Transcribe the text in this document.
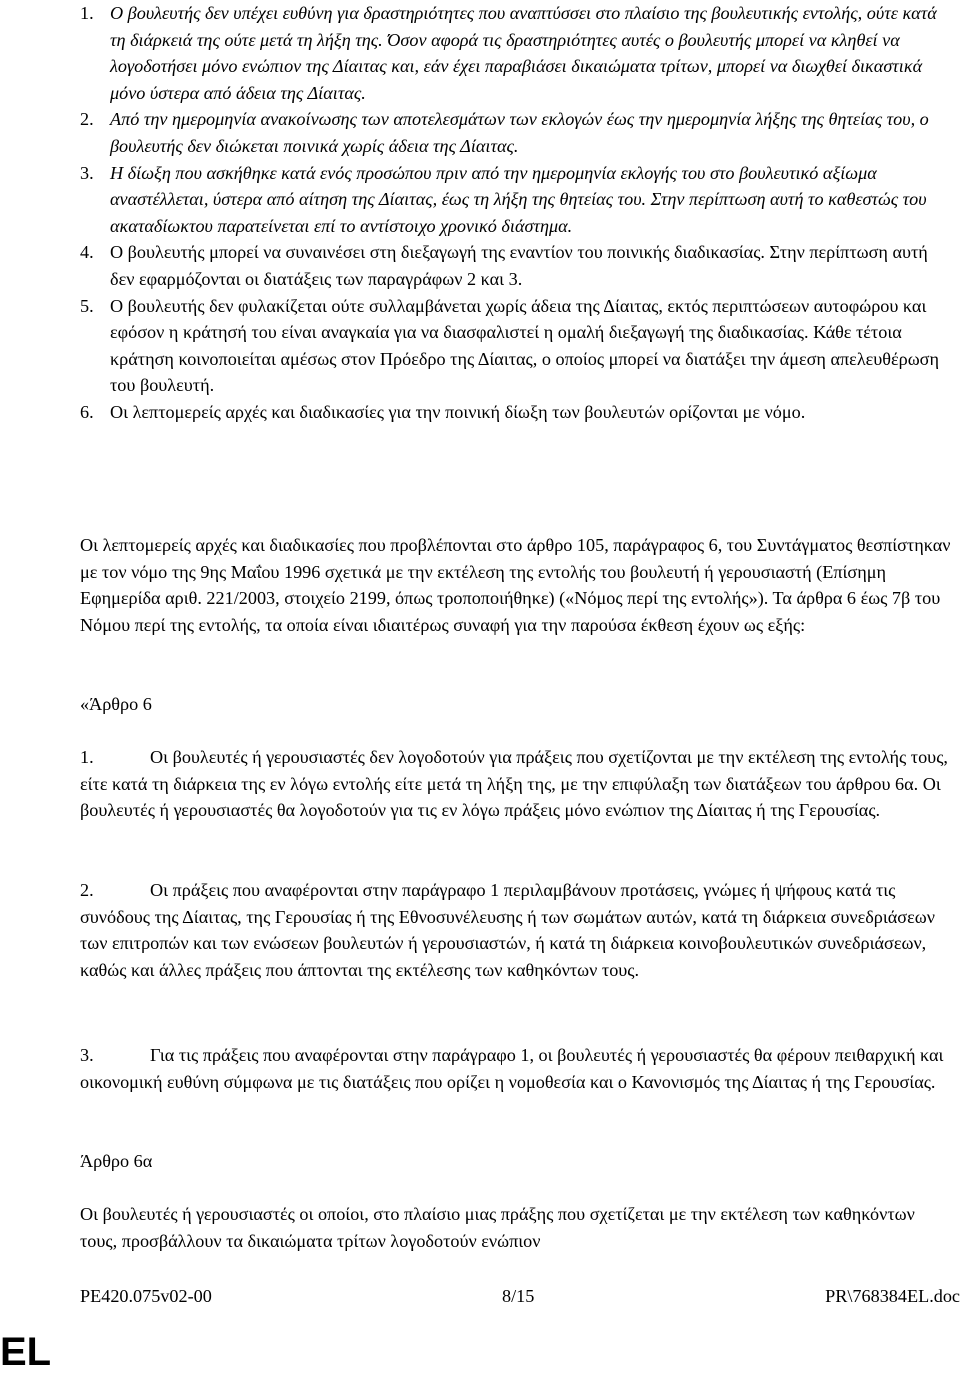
1. Ο βουλευτής δεν υπέχει ευθύνη για δραστηριότητες που αναπτύσσει στο πλαίσιο της βουλευτικής εντολής, ούτε κατά τη διάρκειά της ούτε μετά τη λήξη της. Όσον αφορά τις δραστηριότητες αυτές ο βουλευτής μπορεί να κληθεί να λογοδοτήσει μόνο ενώπιον της Δίαιτας και, εάν έχει παραβιάσει δικαιώματα τρίτων, μπορεί να διωχθεί δικαστικά μόνο ύστερα από άδεια της Δίαιτας.
2. Από την ημερομηνία ανακοίνωσης των αποτελεσμάτων των εκλογών έως την ημερομηνία λήξης της θητείας του, ο βουλευτής δεν διώκεται ποινικά χωρίς άδεια της Δίαιτας.
3. Η δίωξη που ασκήθηκε κατά ενός προσώπου πριν από την ημερομηνία εκλογής του στο βουλευτικό αξίωμα αναστέλλεται, ύστερα από αίτηση της Δίαιτας, έως τη λήξη της θητείας του. Στην περίπτωση αυτή το καθεστώς του ακαταδίωκτου παρατείνεται επί το αντίστοιχο χρονικό διάστημα.
4. Ο βουλευτής μπορεί να συναινέσει στη διεξαγωγή της εναντίον του ποινικής διαδικασίας. Στην περίπτωση αυτή δεν εφαρμόζονται οι διατάξεις των παραγράφων 2 και 3.
5. Ο βουλευτής δεν φυλακίζεται ούτε συλλαμβάνεται χωρίς άδεια της Δίαιτας, εκτός περιπτώσεων αυτοφώρου και εφόσον η κράτησή του είναι αναγκαία για να διασφαλιστεί η ομαλή διεξαγωγή της διαδικασίας. Κάθε τέτοια κράτηση κοινοποιείται αμέσως στον Πρόεδρο της Δίαιτας, ο οποίος μπορεί να διατάξει την άμεση απελευθέρωση του βουλευτή.
6. Οι λεπτομερείς αρχές και διαδικασίες για την ποινική δίωξη των βουλευτών ορίζονται με νόμο.

Οι λεπτομερείς αρχές και διαδικασίες που προβλέπονται στο άρθρο 105, παράγραφος 6, του Συντάγματος θεσπίστηκαν με τον νόμο της 9ης Μαΐου 1996 σχετικά με την εκτέλεση της εντολής του βουλευτή ή γερουσιαστή (Επίσημη Εφημερίδα αριθ. 221/2003, στοιχείο 2199, όπως τροποποιήθηκε) («Νόμος περί της εντολής»). Τα άρθρα 6 έως 7β του Νόμου περί της εντολής, τα οποία είναι ιδιαιτέρως συναφή για την παρούσα έκθεση έχουν ως εξής:

«Άρθρο 6

1.	Οι βουλευτές ή γερουσιαστές δεν λογοδοτούν για πράξεις που σχετίζονται με την εκτέλεση της εντολής τους, είτε κατά τη διάρκεια της εν λόγω εντολής είτε μετά τη λήξη της, με την επιφύλαξη των διατάξεων του άρθρου 6α. Οι βουλευτές ή γερουσιαστές θα λογοδοτούν για τις εν λόγω πράξεις μόνο ενώπιον της Δίαιτας ή της Γερουσίας.

2.	Οι πράξεις που αναφέρονται στην παράγραφο 1 περιλαμβάνουν προτάσεις, γνώμες ή ψήφους κατά τις συνόδους της Δίαιτας, της Γερουσίας ή της Εθνοσυνέλευσης ή των σωμάτων αυτών, κατά τη διάρκεια συνεδριάσεων των επιτροπών και των ενώσεων βουλευτών ή γερουσιαστών, ή κατά τη διάρκεια κοινοβουλευτικών συνεδριάσεων, καθώς και άλλες πράξεις που άπτονται της εκτέλεσης των καθηκόντων τους.

3.	Για τις πράξεις που αναφέρονται στην παράγραφο 1, οι βουλευτές ή γερουσιαστές θα φέρουν πειθαρχική και οικονομική ευθύνη σύμφωνα με τις διατάξεις που ορίζει η νομοθεσία και ο Κανονισμός της Δίαιτας ή της Γερουσίας.

Άρθρο 6α

Οι βουλευτές ή γερουσιαστές οι οποίοι, στο πλαίσιο μιας πράξης που σχετίζεται με την εκτέλεση των καθηκόντων τους, προσβάλλουν τα δικαιώματα τρίτων λογοδοτούν ενώπιον

PE420.075v02-00	8/15	PR\768384EL.doc
EL
